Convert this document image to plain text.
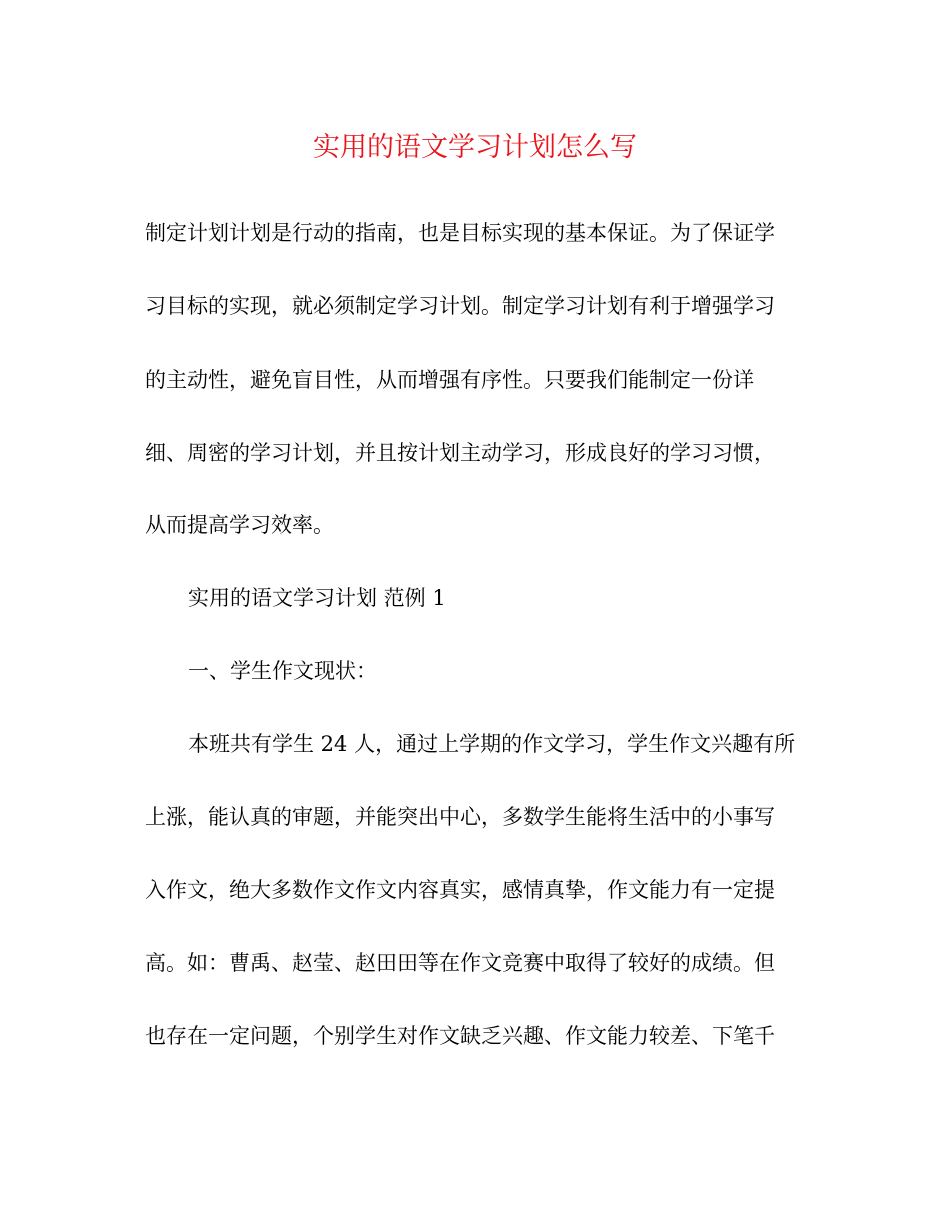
实用的语文学习计划怎么写
制定计划计划是行动的指南，也是目标实现的基本保证。为了保证学
习目标的实现，就必须制定学习计划。制定学习计划有利于增强学习
的主动性，避免盲目性，从而增强有序性。只要我们能制定一份详
细、周密的学习计划，并且按计划主动学习，形成良好的学习习惯，
从而提高学习效率。
实用的语文学习计划 范例 1
一、学生作文现状：
本班共有学生 24 人，通过上学期的作文学习，学生作文兴趣有所
上涨，能认真的审题，并能突出中心，多数学生能将生活中的小事写
入作文，绝大多数作文作文内容真实，感情真挚，作文能力有一定提
高。如：曹禹、赵莹、赵田田等在作文竞赛中取得了较好的成绩。但
也存在一定问题，个别学生对作文缺乏兴趣、作文能力较差、下笔千
